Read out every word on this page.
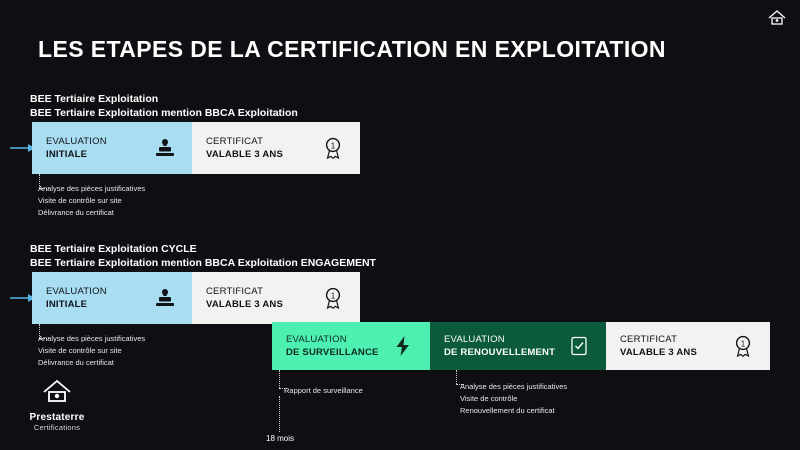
LES ETAPES DE LA CERTIFICATION EN EXPLOITATION
BEE Tertiaire Exploitation
BEE Tertiaire Exploitation mention BBCA Exploitation
EVALUATION
INITIALE
CERTIFICAT
VALABLE 3 ANS
1
Analyse des pièces justificatives
Visite de contrôle sur site
Délivrance du certificat
BEE Tertiaire Exploitation CYCLE
BEE Tertiaire Exploitation mention BBCA Exploitation ENGAGEMENT
EVALUATION
INITIALE
CERTIFICAT
VALABLE 3 ANS
1
Analyse des pièces justificatives
Visite de contrôle sur site
Délivrance du certificat
EVALUATION
DE SURVEILLANCE
EVALUATION
DE RENOUVELLEMENT
CERTIFICAT
VALABLE 3 ANS
1
Rapport de surveillance
18 mois
Analyse des pièces justificatives
Visite de contrôle
Renouvellement du certificat
Prestaterre
Certifications
